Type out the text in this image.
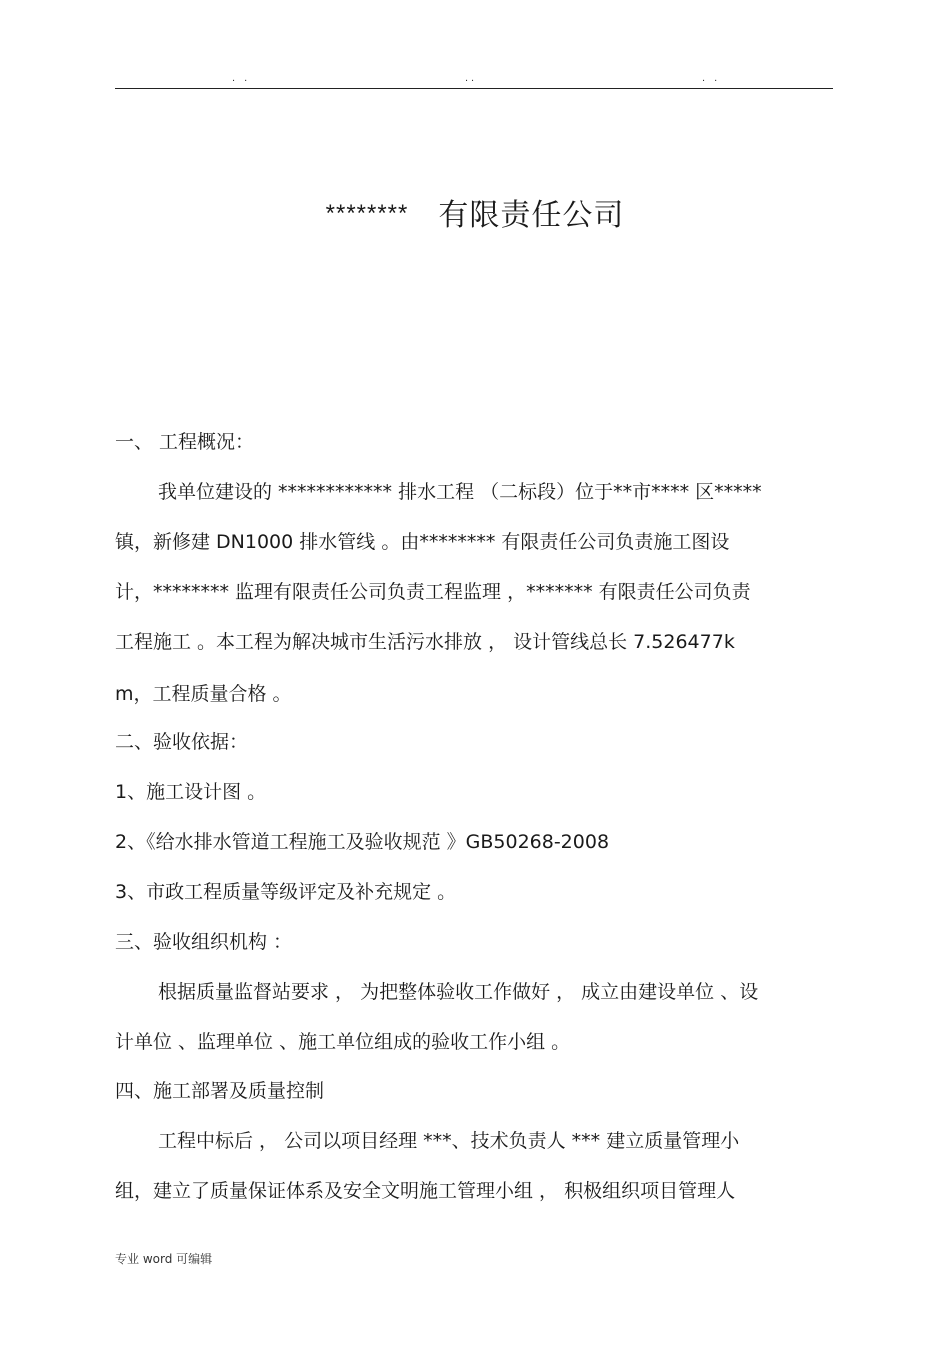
. .	..	. .
******** 有限责任公司
一、 工程概况：
我单位建设的 ************ 排水工程 （二标段）位于**市**** 区*****
镇，新修建 DN1000 排水管线 。由******** 有限责任公司负责施工图设
计，******** 监理有限责任公司负责工程监理 ，******* 有限责任公司负责
工程施工 。本工程为解决城市生活污水排放 ， 设计管线总长 7.526477k
m，工程质量合格 。
二、验收依据：
1、施工设计图 。
2、《给水排水管道工程施工及验收规范 》GB50268-2008
3、市政工程质量等级评定及补充规定 。
三、验收组织机构 ：
根据质量监督站要求 ， 为把整体验收工作做好 ， 成立由建设单位 、设
计单位 、监理单位 、施工单位组成的验收工作小组 。
四、施工部署及质量控制
工程中标后 ， 公司以项目经理 ***、技术负责人 *** 建立质量管理小
组，建立了质量保证体系及安全文明施工管理小组 ， 积极组织项目管理人
专业 word 可编辑
